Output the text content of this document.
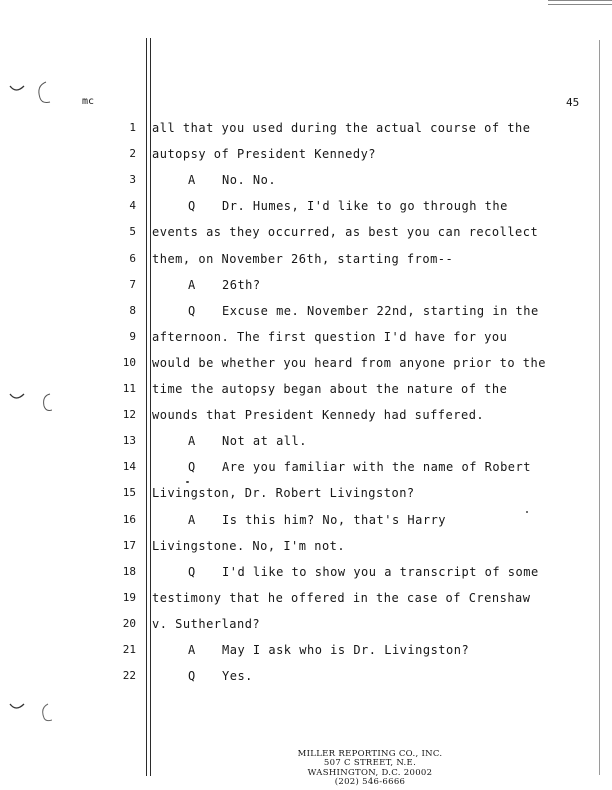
mc	45
1 all that you used during the actual course of the
2 autopsy of President Kennedy?
3	A No. No.
4	Q Dr. Humes, I'd like to go through the
5 events as they occurred, as best you can recollect
6 them, on November 26th, starting from--
7	A 26th?
8	Q Excuse me. November 22nd, starting in the
9 afternoon. The first question I'd have for you
10 would be whether you heard from anyone prior to the
11 time the autopsy began about the nature of the
12 wounds that President Kennedy had suffered.
13	A Not at all.
14	Q Are you familiar with the name of Robert
15 Livingston, Dr. Robert Livingston?
16	A Is this him? No, that's Harry
17 Livingstone. No, I'm not.
18	Q I'd like to show you a transcript of some
19 testimony that he offered in the case of Crenshaw
20 v. Sutherland?
21	A May I ask who is Dr. Livingston?
22	Q Yes.
MILLER REPORTING CO., INC.
507 C STREET, N.E.
WASHINGTON, D.C. 20002
(202) 546-6666
